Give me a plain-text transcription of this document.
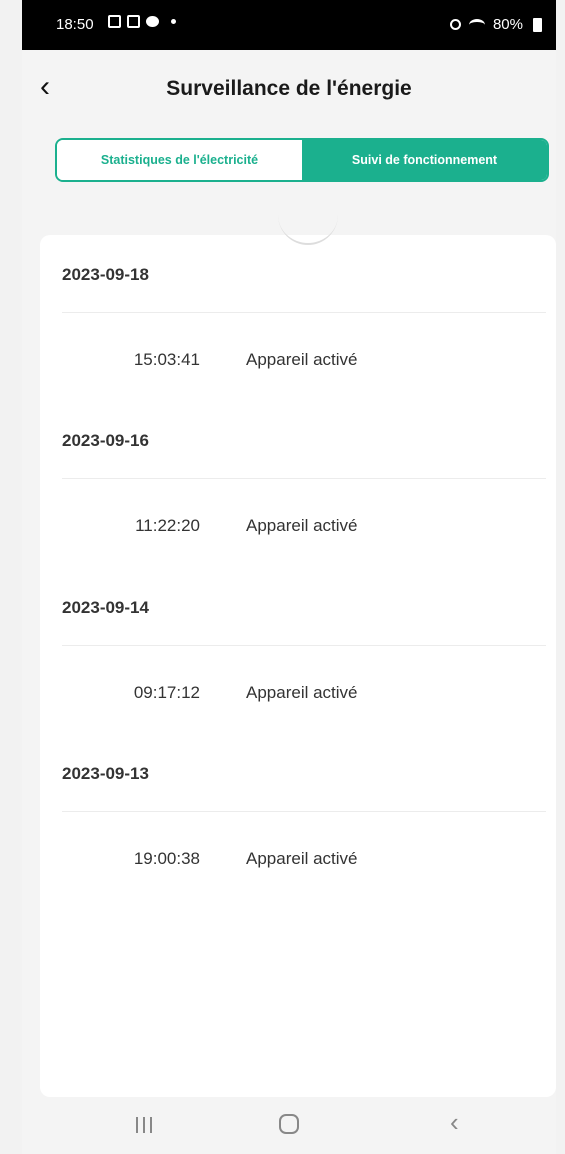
18:50	80%
‹	Surveillance de l'énergie
Statistiques de l'électricité	Suivi de fonctionnement
2023-09-18
15:03:41	Appareil activé
2023-09-16
11:22:20	Appareil activé
2023-09-14
09:17:12	Appareil activé
2023-09-13
19:00:38	Appareil activé
‹
